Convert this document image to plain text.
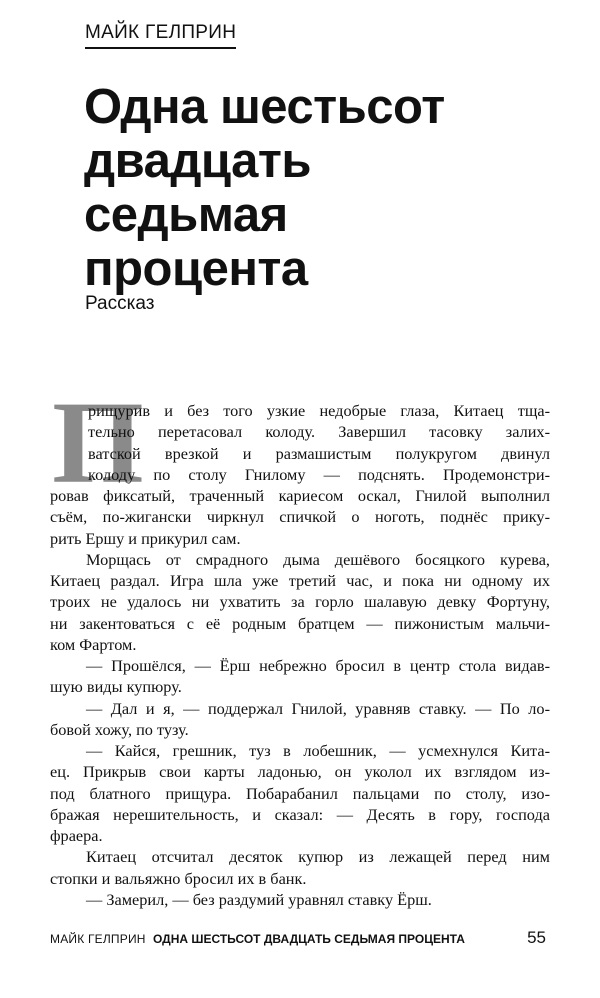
МАЙК ГЕЛПРИН
Одна шестьсот
двадцать
седьмая
процента
Рассказ
П
рищурив и без того узкие недобрые глаза, Китаец тща-
тельно перетасовал колоду. Завершил тасовку залих-
ватской врезкой и размашистым полукругом двинул
колоду по столу Гнилому — подснять. Продемонстри-
ровав фиксатый, траченный кариесом оскал, Гнилой выполнил
съём, по-жигански чиркнул спичкой о ноготь, поднёс прику-
рить Ершу и прикурил сам.
Морщась от смрадного дыма дешёвого босяцкого курева,
Китаец раздал. Игра шла уже третий час, и пока ни одному их
троих не удалось ни ухватить за горло шалавую девку Фортуну,
ни закентоваться с её родным братцем — пижонистым мальчи-
ком Фартом.
— Прошёлся, — Ёрш небрежно бросил в центр стола видав-
шую виды купюру.
— Дал и я, — поддержал Гнилой, уравняв ставку. — По ло-
бовой хожу, по тузу.
— Кайся, грешник, туз в лобешник, — усмехнулся Кита-
ец. Прикрыв свои карты ладонью, он уколол их взглядом из-
под блатного прищура. Побарабанил пальцами по столу, изо-
бражая нерешительность, и сказал: — Десять в гору, господа
фраера.
Китаец отсчитал десяток купюр из лежащей перед ним
стопки и вальяжно бросил их в банк.
— Замерил, — без раздумий уравнял ставку Ёрш.
МАЙК ГЕЛПРИН ОДНА ШЕСТЬСОТ ДВАДЦАТЬ СЕДЬМАЯ ПРОЦЕНТА	55
